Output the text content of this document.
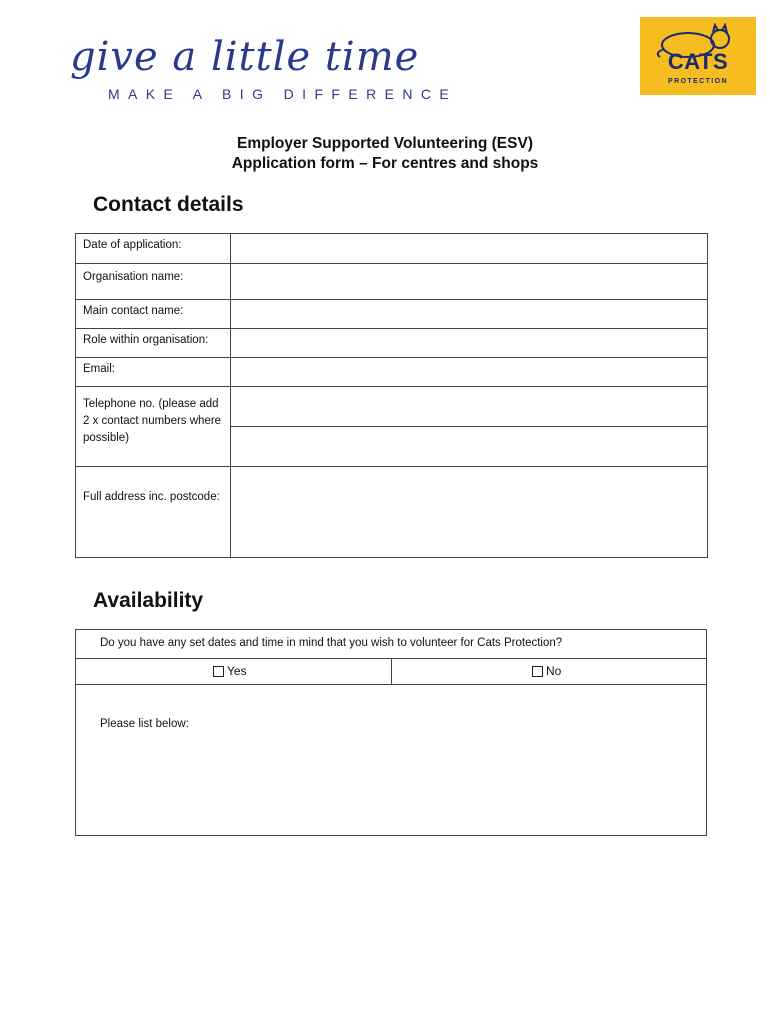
give a little time
MAKE A BIG DIFFERENCE
CATS
PROTECTION
Employer Supported Volunteering (ESV)
Application form – For centres and shops
Contact details
Date of application:	
Organisation name:	
Main contact name:	
Role within organisation:	
Email:	
Telephone no. (please add 2 x contact numbers where possible)	

Full address inc. postcode:	
Availability
Do you have any set dates and time in mind that you wish to volunteer for Cats Protection?
Yes	No
Please list below:
